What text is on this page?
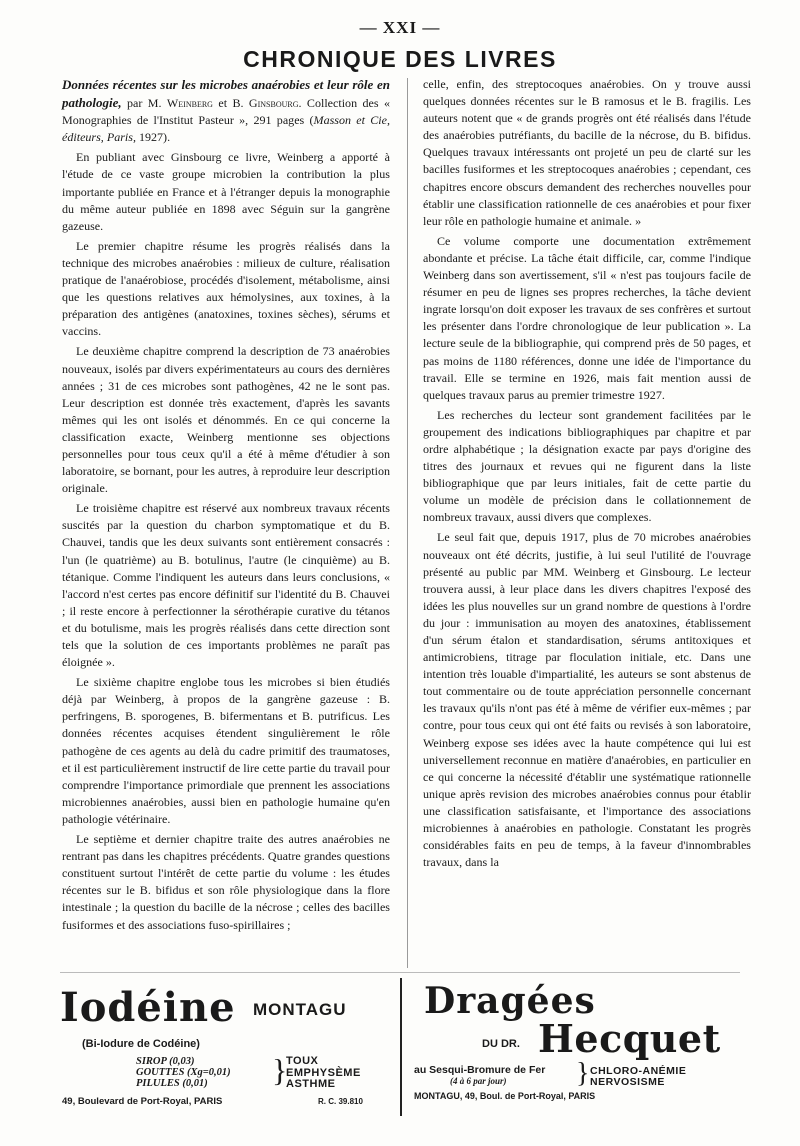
— XXI —
CHRONIQUE DES LIVRES

Données récentes sur les microbes anaérobies et leur rôle en pathologie, par M. Weinberg et B. Ginsbourg. Collection des « Monographies de l'Institut Pasteur », 291 pages (Masson et Cie, éditeurs, Paris, 1927).

En publiant avec Ginsbourg ce livre, Weinberg a apporté à l'étude de ce vaste groupe microbien la contribution la plus importante publiée en France et à l'étranger depuis la monographie du même auteur publiée en 1898 avec Séguin sur la gangrène gazeuse.

Le premier chapitre résume les progrès réalisés dans la technique des microbes anaérobies : milieux de culture, réalisation pratique de l'anaérobiose, procédés d'isolement, métabolisme, ainsi que les questions relatives aux hémolysines, aux toxines, à la préparation des antigènes (anatoxines, toxines sèches), sérums et vaccins.

Le deuxième chapitre comprend la description de 73 anaérobies nouveaux, isolés par divers expérimentateurs au cours des dernières années ; 31 de ces microbes sont pathogènes, 42 ne le sont pas. Leur description est donnée très exactement, d'après les savants mêmes qui les ont isolés et dénommés. En ce qui concerne la classification exacte, Weinberg mentionne ses objections personnelles pour tous ceux qu'il a été à même d'étudier à son laboratoire, se bornant, pour les autres, à reproduire leur description originale.

Le troisième chapitre est réservé aux nombreux travaux récents suscités par la question du charbon symptomatique et du B. Chauvei, tandis que les deux suivants sont entièrement consacrés : l'un (le quatrième) au B. botulinus, l'autre (le cinquième) au B. tétanique. Comme l'indiquent les auteurs dans leurs conclusions, « l'accord n'est certes pas encore définitif sur l'identité du B. Chauvei ; il reste encore à perfectionner la sérothérapie curative du tétanos et du botulisme, mais les progrès réalisés dans cette direction sont tels que la solution de ces importants problèmes ne paraît pas éloignée ».

Le sixième chapitre englobe tous les microbes si bien étudiés déjà par Weinberg, à propos de la gangrène gazeuse : B. perfringens, B. sporogenes, B. bifermentans et B. putrificus. Les données récentes acquises étendent singulièrement le rôle pathogène de ces agents au delà du cadre primitif des traumatoses, et il est particulièrement instructif de lire cette partie du travail pour comprendre l'importance primordiale que prennent les associations microbiennes anaérobies, aussi bien en pathologie humaine qu'en pathologie vétérinaire.

Le septième et dernier chapitre traite des autres anaérobies ne rentrant pas dans les chapitres précédents. Quatre grandes questions constituent surtout l'intérêt de cette partie du volume : les études récentes sur le B. bifidus et son rôle physiologique dans la flore intestinale ; la question du bacille de la nécrose ; celles des bacilles fusiformes et des associations fuso-spirillaires ;

celle, enfin, des streptocoques anaérobies. On y trouve aussi quelques données récentes sur le B ramosus et le B. fragilis. Les auteurs notent que « de grands progrès ont été réalisés dans l'étude des anaérobies putréfiants, du bacille de la nécrose, du B. bifidus. Quelques travaux intéressants ont projeté un peu de clarté sur les bacilles fusiformes et les streptocoques anaérobies ; cependant, ces chapitres encore obscurs demandent des recherches nouvelles pour établir une classification rationnelle de ces anaérobies et pour fixer leur rôle en pathologie humaine et animale. »

Ce volume comporte une documentation extrêmement abondante et précise. La tâche était difficile, car, comme l'indique Weinberg dans son avertissement, s'il « n'est pas toujours facile de résumer en peu de lignes ses propres recherches, la tâche devient ingrate lorsqu'on doit exposer les travaux de ses confrères et surtout les présenter dans l'ordre chronologique de leur publication ». La lecture seule de la bibliographie, qui comprend près de 50 pages, et pas moins de 1180 références, donne une idée de l'importance du travail. Elle se termine en 1926, mais fait mention aussi de quelques travaux parus au premier trimestre 1927.

Les recherches du lecteur sont grandement facilitées par le groupement des indications bibliographiques par chapitre et par ordre alphabétique ; la désignation exacte par pays d'origine des titres des journaux et revues qui ne figurent dans la liste bibliographique que par leurs initiales, fait de cette partie du volume un modèle de précision dans le collationnement de nombreux travaux, aussi divers que complexes.

Le seul fait que, depuis 1917, plus de 70 microbes anaérobies nouveaux ont été décrits, justifie, à lui seul l'utilité de l'ouvrage présenté au public par MM. Weinberg et Ginsbourg. Le lecteur trouvera aussi, à leur place dans les divers chapitres l'exposé des idées les plus nouvelles sur un grand nombre de questions à l'ordre du jour : immunisation au moyen des anatoxines, établissement d'un sérum étalon et standardisation, sérums antitoxiques et antimicrobiens, titrage par floculation initiale, etc. Dans une intention très louable d'impartialité, les auteurs se sont abstenus de tout commentaire ou de toute appréciation personnelle concernant les travaux qu'ils n'ont pas été à même de vérifier eux-mêmes ; par contre, pour tous ceux qui ont été faits ou revisés à son laboratoire, Weinberg expose ses idées avec la haute compétence qui lui est universellement reconnue en matière d'anaérobies, en particulier en ce qui concerne la nécessité d'établir une systématique rationnelle unique après revision des microbes anaérobies connus pour établir une classification satisfaisante, et l'importance des associations microbiennes à anaérobies en pathologie. Constatant les progrès considérables faits en peu de temps, à la faveur d'innombrables travaux, dans la

Iodéine MONTAGU
(Bi-Iodure de Codéine)
SIROP (0,03)
GOUTTES (Xg=0,01)
PILULES (0,01)	}
TOUX
EMPHYSÈME
ASTHME
49, Boulevard de Port-Royal, PARIS	R. C. 39.810
Dragées
DU DR. Hecquet
au Sesqui-Bromure de Fer
(4 à 6 par jour) } CHLORO-ANÉMIE
NERVOSISME
MONTAGU, 49, Boul. de Port-Royal, PARIS
